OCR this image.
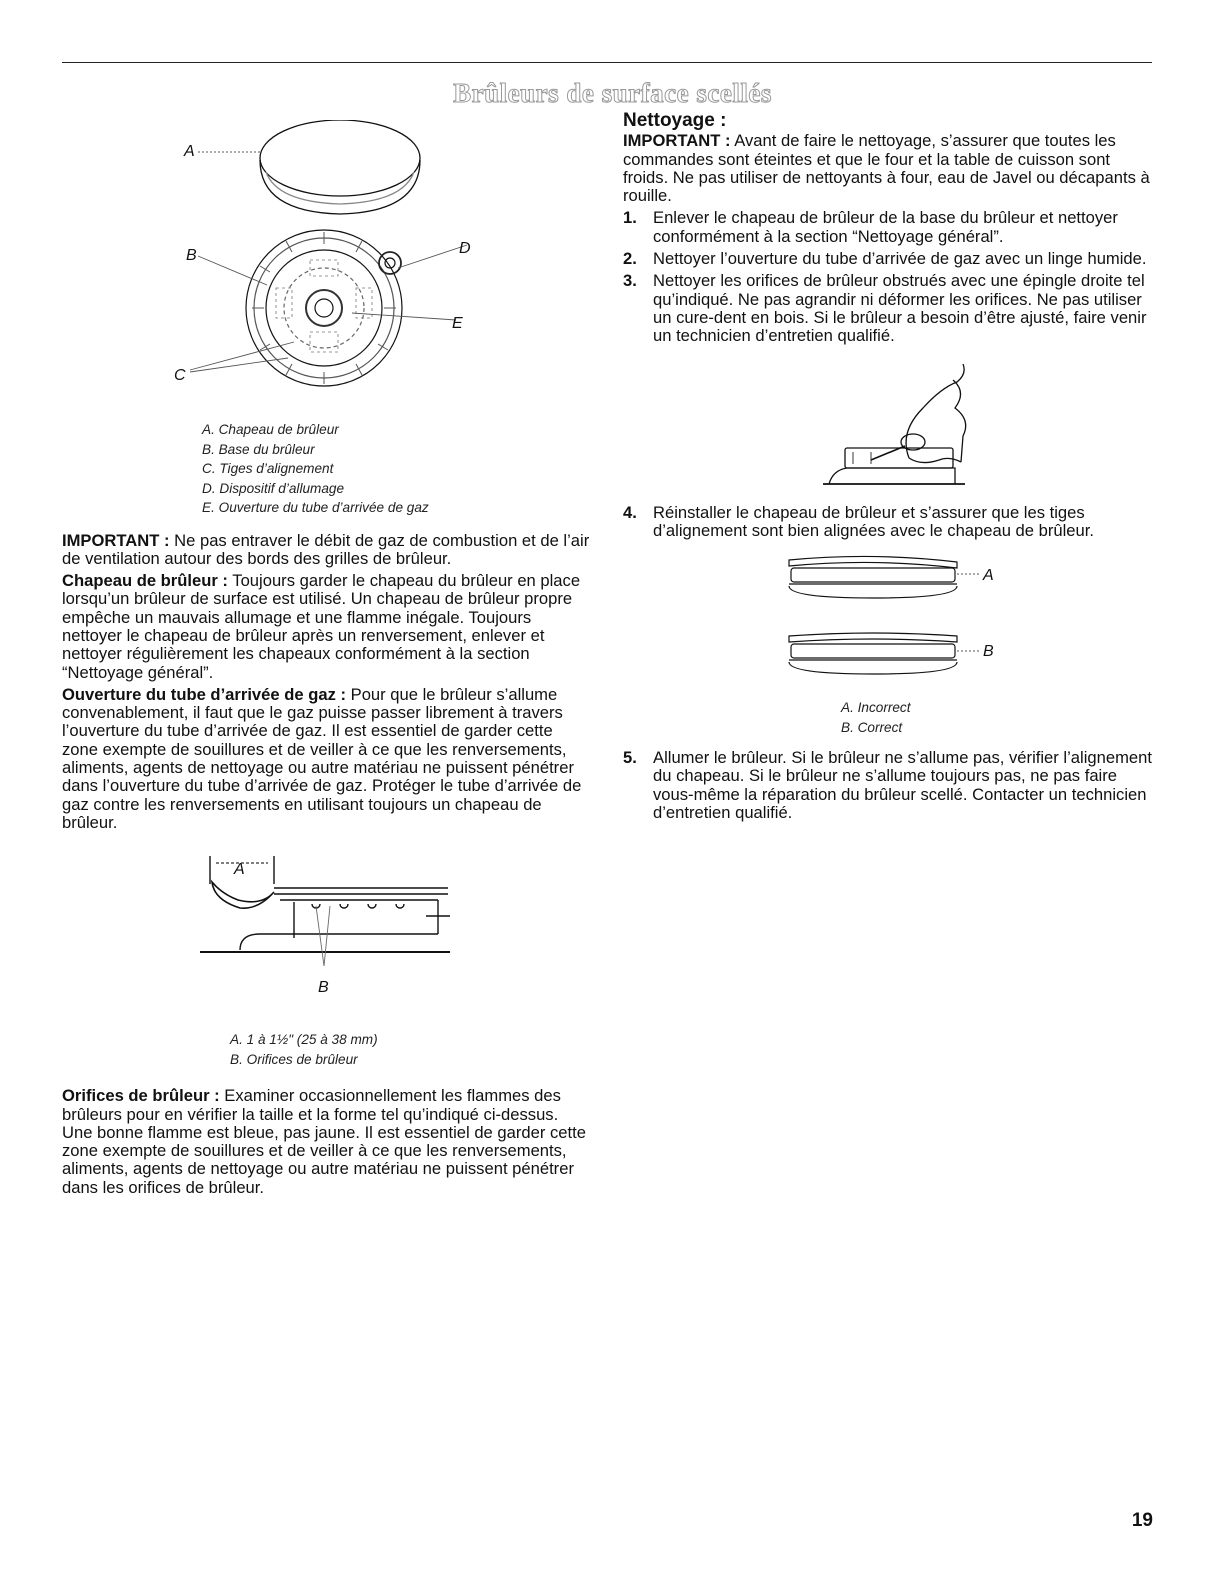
Brûleurs de surface scellés
A
B	D
E
C
A. Chapeau de brûleur
B. Base du brûleur
C. Tiges d’alignement
D. Dispositif d’allumage
E. Ouverture du tube d’arrivée de gaz

IMPORTANT : Ne pas entraver le débit de gaz de combustion et de l’air de ventilation autour des bords des grilles de brûleur.

Chapeau de brûleur : Toujours garder le chapeau du brûleur en place lorsqu’un brûleur de surface est utilisé. Un chapeau de brûleur propre empêche un mauvais allumage et une flamme inégale. Toujours nettoyer le chapeau de brûleur après un renversement, enlever et nettoyer régulièrement les chapeaux conformément à la section “Nettoyage général”.

Ouverture du tube d’arrivée de gaz : Pour que le brûleur s’allume convenablement, il faut que le gaz puisse passer librement à travers l’ouverture du tube d’arrivée de gaz. Il est essentiel de garder cette zone exempte de souillures et de veiller à ce que les renversements, aliments, agents de nettoyage ou autre matériau ne puissent pénétrer dans l’ouverture du tube d’arrivée de gaz. Protéger le tube d’arrivée de gaz contre les renversements en utilisant toujours un chapeau de brûleur.

A
B
A. 1 à 1½" (25 à 38 mm)
B. Orifices de brûleur

Orifices de brûleur : Examiner occasionnellement les flammes des brûleurs pour en vérifier la taille et la forme tel qu’indiqué ci-dessus. Une bonne flamme est bleue, pas jaune. Il est essentiel de garder cette zone exempte de souillures et de veiller à ce que les renversements, aliments, agents de nettoyage ou autre matériau ne puissent pénétrer dans les orifices de brûleur.

Nettoyage :

IMPORTANT : Avant de faire le nettoyage, s’assurer que toutes les commandes sont éteintes et que le four et la table de cuisson sont froids. Ne pas utiliser de nettoyants à four, eau de Javel ou décapants à rouille.

1. Enlever le chapeau de brûleur de la base du brûleur et nettoyer conformément à la section “Nettoyage général”.
2. Nettoyer l’ouverture du tube d’arrivée de gaz avec un linge humide.
3. Nettoyer les orifices de brûleur obstrués avec une épingle droite tel qu’indiqué. Ne pas agrandir ni déformer les orifices. Ne pas utiliser un cure-dent en bois. Si le brûleur a besoin d’être ajusté, faire venir un technicien d’entretien qualifié.
4. Réinstaller le chapeau de brûleur et s’assurer que les tiges d’alignement sont bien alignées avec le chapeau de brûleur.
A
B
A. Incorrect
B. Correct
5. Allumer le brûleur. Si le brûleur ne s’allume pas, vérifier l’alignement du chapeau. Si le brûleur ne s’allume toujours pas, ne pas faire vous-même la réparation du brûleur scellé. Contacter un technicien d’entretien qualifié.
19
